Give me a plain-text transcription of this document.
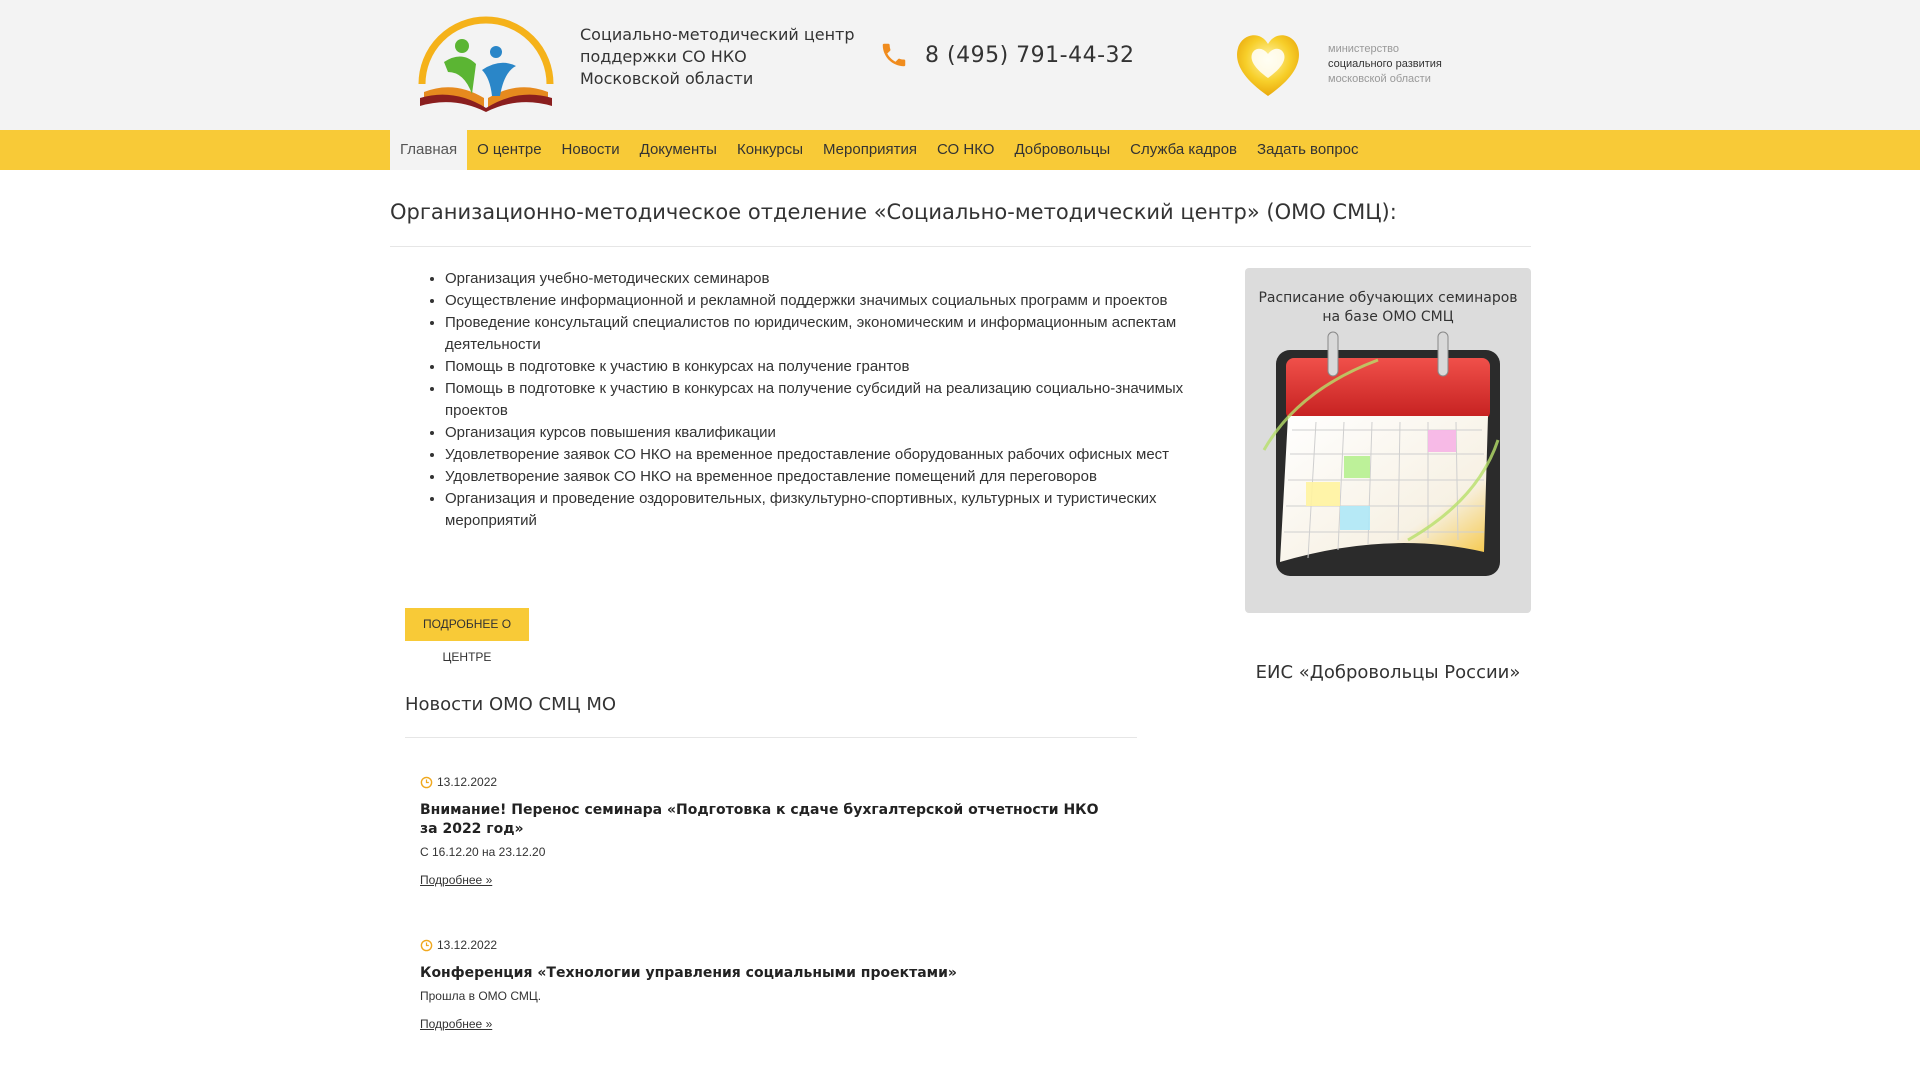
Социально-методический центр
поддержки СО НКО
Московской области
8 (495) 791-44-32	министерство
социального развития
московской области
Главная	О центре	Новости	Документы	Конкурсы	Мероприятия	СО НКО	Добровольцы	Служба кадров	Задать вопрос
Организационно-методическое отделение «Социально-методический центр» (ОМО СМЦ):
• Организация учебно-методических семинаров
• Осуществление информационной и рекламной поддержки значимых социальных программ и проектов
• Проведение консультаций специалистов по юридическим, экономическим и информационным аспектам деятельности
• Помощь в подготовке к участию в конкурсах на получение грантов
• Помощь в подготовке к участию в конкурсах на получение субсидий на реализацию социально-значимых проектов
• Организация курсов повышения квалификации
• Удовлетворение заявок СО НКО на временное предоставление оборудованных рабочих офисных мест
• Удовлетворение заявок СО НКО на временное предоставление помещений для переговоров
• Организация и проведение оздоровительных, физкультурно-спортивных, культурных и туристических мероприятий
ПОДРОБНЕЕ О ЦЕНТРЕ
Новости ОМО СМЦ МО
13.12.2022
Внимание! Перенос семинара «Подготовка к сдаче бухгалтерской отчетности НКО за 2022 год»
С 16.12.20 на 23.12.20
Подробнее »
13.12.2022
Конференция «Технологии управления социальными проектами»
Прошла в ОМО СМЦ.
Подробнее »
Расписание обучающих семинаров
на базе ОМО СМЦ
ЕИС «Добровольцы России»
